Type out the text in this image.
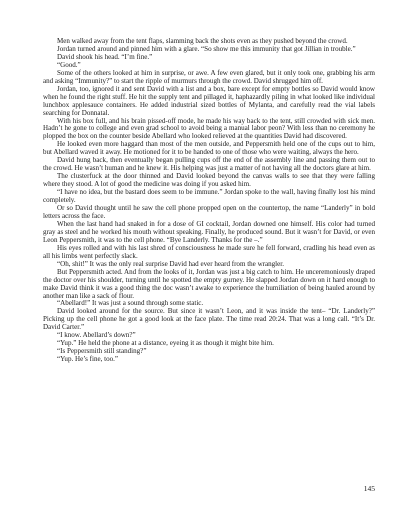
Men walked away from the tent flaps, slamming back the shots even as they pushed beyond the crowd.

Jordan turned around and pinned him with a glare. “So show me this immunity that got Jillian in trouble.”

David shook his head. “I’m fine.”

“Good.”

Some of the others looked at him in surprise, or awe. A few even glared, but it only took one, grabbing his arm and asking “Immunity?” to start the ripple of murmurs through the crowd. David shrugged him off.

Jordan, too, ignored it and sent David with a list and a box, bare except for empty bottles so David would know when he found the right stuff. He hit the supply tent and pillaged it, haphazardly piling in what looked like individual lunchbox applesauce containers. He added industrial sized bottles of Mylanta, and carefully read the vial labels searching for Donnatal.

With his box full, and his brain pissed-off mode, he made his way back to the tent, still crowded with sick men. Hadn’t he gone to college and even grad school to avoid being a manual labor peon? With less than no ceremony he plopped the box on the counter beside Abellard who looked relieved at the quantities David had discovered.

He looked even more haggard than most of the men outside, and Peppersmith held one of the cups out to him, but Abellard waved it away. He motioned for it to be handed to one of those who were waiting, always the hero.

David hung back, then eventually began pulling cups off the end of the assembly line and passing them out to the crowd. He wasn’t human and he knew it. His helping was just a matter of not having all the doctors glare at him.

The clusterfuck at the door thinned and David looked beyond the canvas walls to see that they were falling where they stood. A lot of good the medicine was doing if you asked him.

“I have no idea, but the bastard does seem to be immune.” Jordan spoke to the wall, having finally lost his mind completely.

Or so David thought until he saw the cell phone propped open on the countertop, the name “Landerly” in bold letters across the face.

When the last hand had snaked in for a dose of GI cocktail, Jordan downed one himself. His color had turned gray as steel and he worked his mouth without speaking. Finally, he produced sound. But it wasn’t for David, or even Leon Peppersmith, it was to the cell phone. “Bye Landerly. Thanks for the –.”

His eyes rolled and with his last shred of consciousness he made sure he fell forward, cradling his head even as all his limbs went perfectly slack.

“Oh, shit!” It was the only real surprise David had ever heard from the wrangler.

But Peppersmith acted. And from the looks of it, Jordan was just a big catch to him. He unceremoniously draped the doctor over his shoulder, turning until he spotted the empty gurney. He slapped Jordan down on it hard enough to make David think it was a good thing the doc wasn’t awake to experience the humiliation of being hauled around by another man like a sack of flour.

“Abellard!” It was just a sound through some static.

David looked around for the source. But since it wasn’t Leon, and it was inside the tent– “Dr. Landerly?” Picking up the cell phone he got a good look at the face plate. The time read 20:24. That was a long call. “It’s Dr. David Carter.”

“I know. Abellard’s down?”

“Yup.” He held the phone at a distance, eyeing it as though it might bite him.

“Is Peppersmith still standing?”

“Yup. He’s fine, too.”

145
